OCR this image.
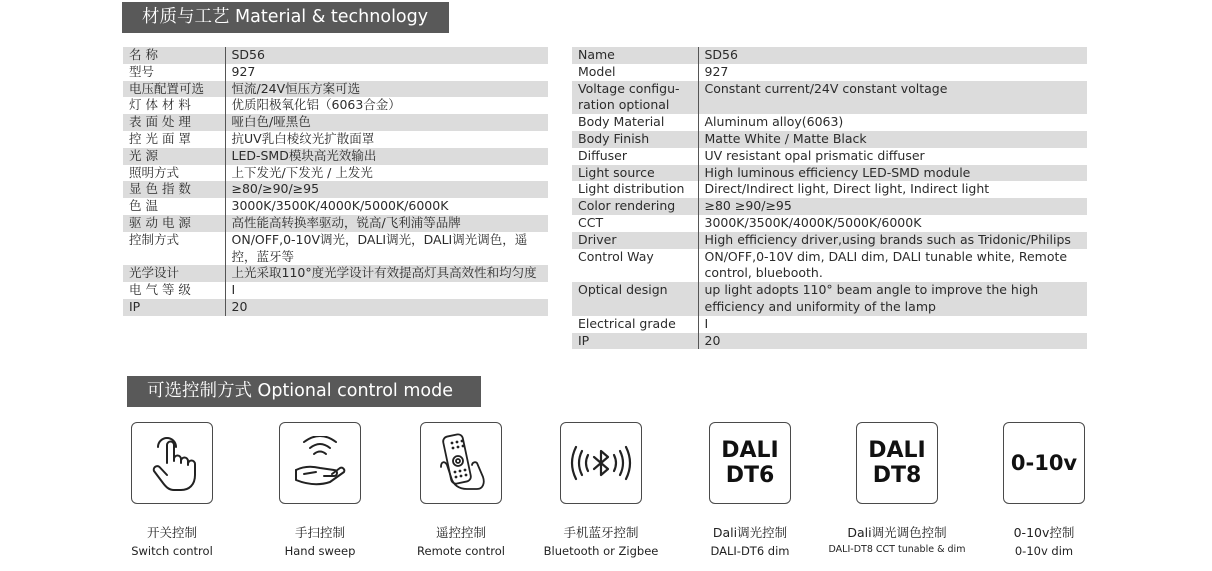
材质与工艺 Material & technology
名 称	SD56
型号	927
电压配置可选	恒流/24V恒压方案可选
灯 体 材 料	优质阳极氧化铝（6063合金）
表 面 处 理	哑白色/哑黑色
控 光 面 罩	抗UV乳白棱纹光扩散面罩
光 源	LED-SMD模块高光效输出
照明方式	上下发光/下发光 / 上发光
显 色 指 数	≥80/≥90/≥95
色 温	3000K/3500K/4000K/5000K/6000K
驱 动 电 源	高性能高转换率驱动，锐高/飞利浦等品牌
控制方式	ON/OFF,0-10V调光，DALI调光，DALI调光调色，遥控，蓝牙等
光学设计	上光采取110°度光学设计有效提高灯具高效性和均匀度
电 气 等 级	I
IP	20
Name	SD56
Model	927
Voltage configu-ration optional	Constant current/24V constant voltage
Body Material	Aluminum alloy(6063)
Body Finish	Matte White / Matte Black
Diffuser	UV resistant opal prismatic diffuser
Light source	High luminous efficiency LED-SMD module
Light distribution	Direct/Indirect light, Direct light, Indirect light
Color rendering	≥80 ≥90/≥95
CCT	3000K/3500K/4000K/5000K/6000K
Driver	High efficiency driver,using brands such as Tridonic/Philips
Control Way	ON/OFF,0-10V dim, DALI dim, DALI tunable white, Remote control, bluebooth.
Optical design	up light adopts 110° beam angle to improve the high efficiency and uniformity of the lamp
Electrical grade	I
IP	20
可选控制方式 Optional control mode
开关控制
Switch control
手扫控制
Hand sweep
遥控控制
Remote control
手机蓝牙控制
Bluetooth or Zigbee
DALI
DT6
Dali调光控制
DALI-DT6 dim
DALI
DT8
Dali调光调色控制
DALI-DT8 CCT tunable & dim
0-10v
0-10v控制
0-10v dim
